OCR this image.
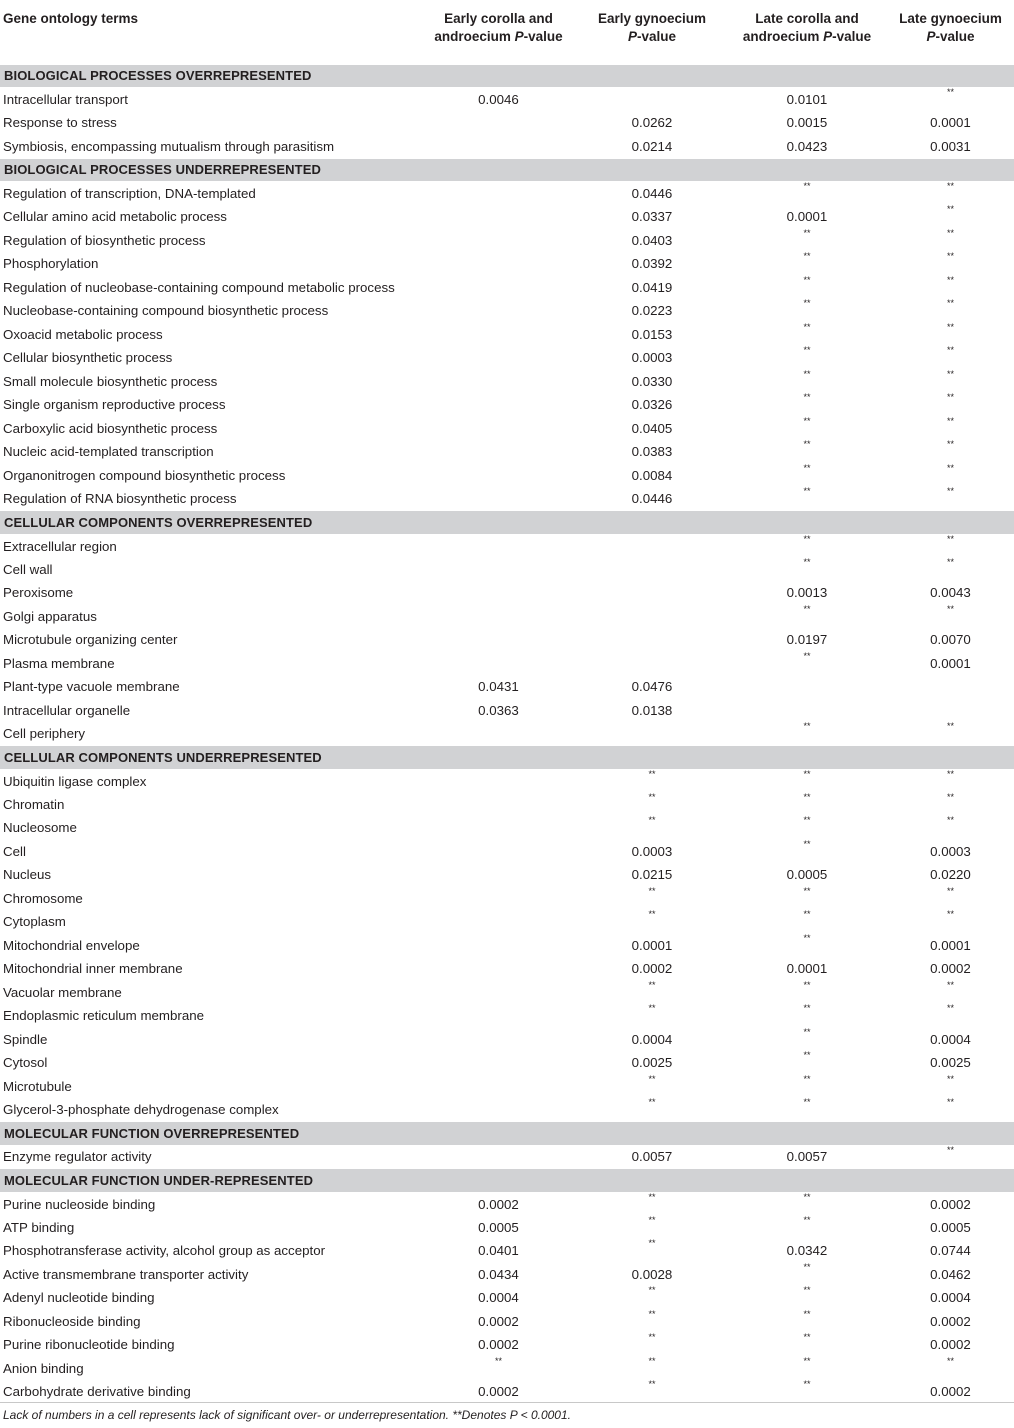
Gene ontology terms	Early corolla and androecium P-value	Early gynoecium
P-value	Late corolla and androecium P-value	Late gynoecium
P-value
BIOLOGICAL PROCESSES OVERREPRESENTED				
Intracellular transport	0.0046		0.0101	**
Response to stress		0.0262	0.0015	0.0001
Symbiosis, encompassing mutualism through parasitism		0.0214	0.0423	0.0031
BIOLOGICAL PROCESSES UNDERREPRESENTED				
Regulation of transcription, DNA-templated		0.0446	**	**
Cellular amino acid metabolic process		0.0337	0.0001	**
Regulation of biosynthetic process		0.0403	**	**
Phosphorylation		0.0392	**	**
Regulation of nucleobase-containing compound metabolic process		0.0419	**	**
Nucleobase-containing compound biosynthetic process		0.0223	**	**
Oxoacid metabolic process		0.0153	**	**
Cellular biosynthetic process		0.0003	**	**
Small molecule biosynthetic process		0.0330	**	**
Single organism reproductive process		0.0326	**	**
Carboxylic acid biosynthetic process		0.0405	**	**
Nucleic acid-templated transcription		0.0383	**	**
Organonitrogen compound biosynthetic process		0.0084	**	**
Regulation of RNA biosynthetic process		0.0446	**	**
CELLULAR COMPONENTS OVERREPRESENTED				
Extracellular region			**	**
Cell wall			**	**
Peroxisome			0.0013	0.0043
Golgi apparatus			**	**
Microtubule organizing center			0.0197	0.0070
Plasma membrane			**	0.0001
Plant-type vacuole membrane	0.0431	0.0476		
Intracellular organelle	0.0363	0.0138		
Cell periphery			**	**
CELLULAR COMPONENTS UNDERREPRESENTED				
Ubiquitin ligase complex		**	**	**
Chromatin		**	**	**
Nucleosome		**	**	**
Cell		0.0003	**	0.0003
Nucleus		0.0215	0.0005	0.0220
Chromosome		**	**	**
Cytoplasm		**	**	**
Mitochondrial envelope		0.0001	**	0.0001
Mitochondrial inner membrane		0.0002	0.0001	0.0002
Vacuolar membrane		**	**	**
Endoplasmic reticulum membrane		**	**	**
Spindle		0.0004	**	0.0004
Cytosol		0.0025	**	0.0025
Microtubule		**	**	**
Glycerol-3-phosphate dehydrogenase complex		**	**	**
MOLECULAR FUNCTION OVERREPRESENTED				
Enzyme regulator activity		0.0057	0.0057	**
MOLECULAR FUNCTION UNDER-REPRESENTED				
Purine nucleoside binding	0.0002	**	**	0.0002
ATP binding	0.0005	**	**	0.0005
Phosphotransferase activity, alcohol group as acceptor	0.0401	**	0.0342	0.0744
Active transmembrane transporter activity	0.0434	0.0028	**	0.0462
Adenyl nucleotide binding	0.0004	**	**	0.0004
Ribonucleoside binding	0.0002	**	**	0.0002
Purine ribonucleotide binding	0.0002	**	**	0.0002
Anion binding	**	**	**	**
Carbohydrate derivative binding	0.0002	**	**	0.0002
Lack of numbers in a cell represents lack of significant over- or underrepresentation. **Denotes P < 0.0001.
